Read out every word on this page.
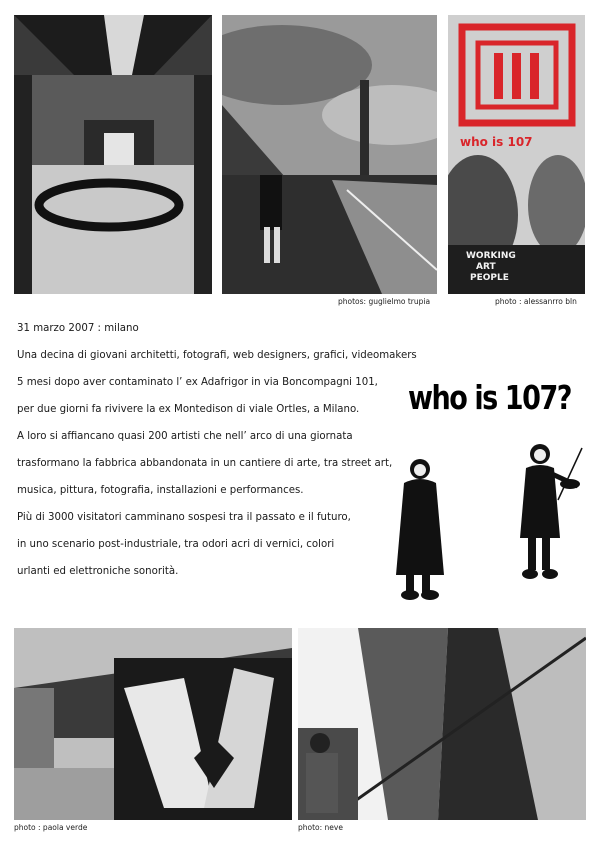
who is 107
WORKING
ART
PEOPLE
photos: guglielmo trupia	photo : alessanrro bln
31 marzo 2007 : milano
Una decina di giovani architetti, fotografi, web designers, grafici, videomakers
5 mesi dopo aver contaminato l’ ex Adafrigor in via Boncompagni 101,
per due giorni fa rivivere la ex Montedison di viale Ortles, a Milano.
A loro si affiancano quasi 200 artisti che nell’ arco di una giornata
trasformano la fabbrica abbandonata in un cantiere di arte, tra street art,
musica, pittura, fotografia, installazioni e performances.
Più di 3000 visitatori camminano sospesi tra il passato e il futuro,
in uno scenario post-industriale, tra odori acri di vernici, colori
urlanti ed elettroniche sonorità.
who is 107?
photo : paola verde	photo: neve
